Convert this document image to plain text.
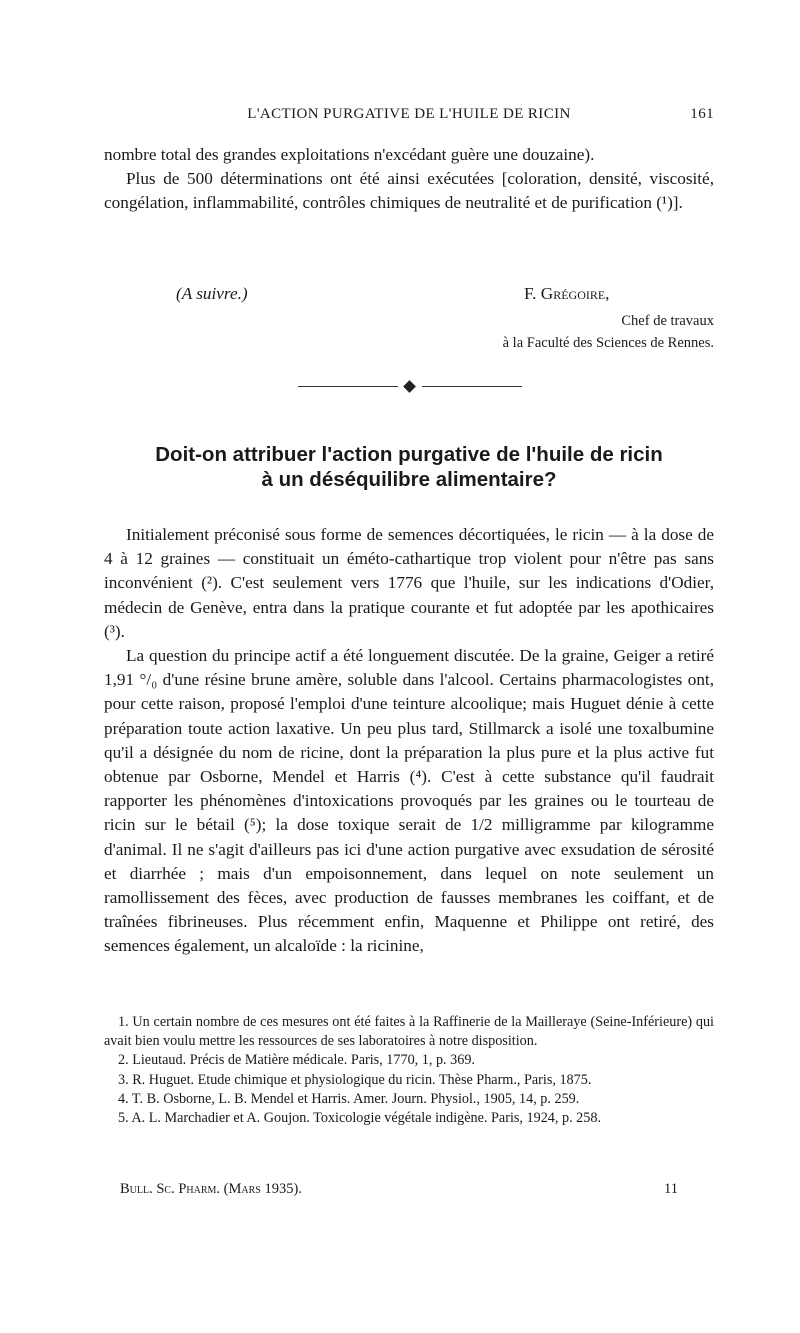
L'ACTION PURGATIVE DE L'HUILE DE RICIN	161

nombre total des grandes exploitations n'excédant guère une douzaine).

Plus de 500 déterminations ont été ainsi exécutées [coloration, densité, viscosité, congélation, inflammabilité, contrôles chimiques de neutralité et de purification (¹)].

(A suivre.)	F. Grégoire,
Chef de travaux
à la Faculté des Sciences de Rennes.
Doit-on attribuer l'action purgative de l'huile de ricin
à un déséquilibre alimentaire?

Initialement préconisé sous forme de semences décortiquées, le ricin — à la dose de 4 à 12 graines — constituait un éméto-cathartique trop violent pour n'être pas sans inconvénient (²). C'est seulement vers 1776 que l'huile, sur les indications d'Odier, médecin de Genève, entra dans la pratique courante et fut adoptée par les apothicaires (³).

La question du principe actif a été longuement discutée. De la graine, Geiger a retiré 1,91 °/₀ d'une résine brune amère, soluble dans l'alcool. Certains pharmacologistes ont, pour cette raison, proposé l'emploi d'une teinture alcoolique; mais Huguet dénie à cette préparation toute action laxative. Un peu plus tard, Stillmarck a isolé une toxalbumine qu'il a désignée du nom de ricine, dont la préparation la plus pure et la plus active fut obtenue par Osborne, Mendel et Harris (⁴). C'est à cette substance qu'il faudrait rapporter les phénomènes d'intoxications provoqués par les graines ou le tourteau de ricin sur le bétail (⁵); la dose toxique serait de 1/2 milligramme par kilogramme d'animal. Il ne s'agit d'ailleurs pas ici d'une action purgative avec exsudation de sérosité et diarrhée ; mais d'un empoisonnement, dans lequel on note seulement un ramollissement des fèces, avec production de fausses membranes les coiffant, et de traînées fibrineuses. Plus récemment enfin, Maquenne et Philippe ont retiré, des semences également, un alcaloïde : la ricinine,

1. Un certain nombre de ces mesures ont été faites à la Raffinerie de la Mailleraye (Seine-Inférieure) qui avait bien voulu mettre les ressources de ses laboratoires à notre disposition.

2. Lieutaud. Précis de Matière médicale. Paris, 1770, 1, p. 369.

3. R. Huguet. Etude chimique et physiologique du ricin. Thèse Pharm., Paris, 1875.

4. T. B. Osborne, L. B. Mendel et Harris. Amer. Journ. Physiol., 1905, 14, p. 259.

5. A. L. Marchadier et A. Goujon. Toxicologie végétale indigène. Paris, 1924, p. 258.

Bull. Sc. Pharm. (Mars 1935).	11
